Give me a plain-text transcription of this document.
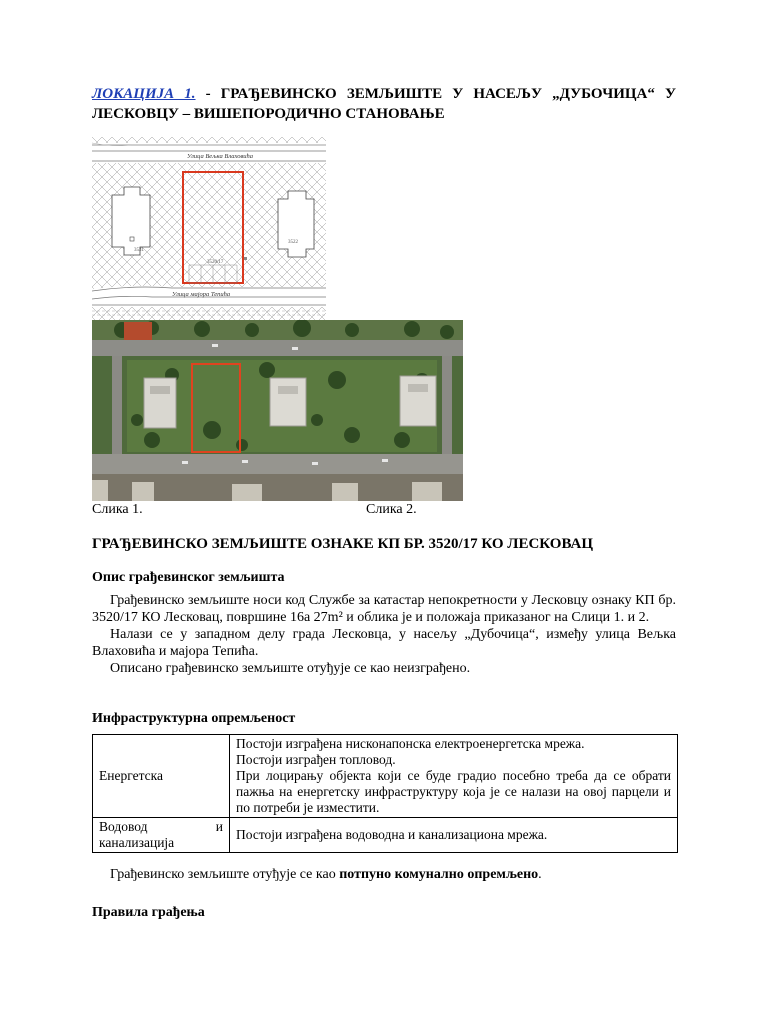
ЛОКАЦИЈА 1. - ГРАЂЕВИНСКО ЗЕМЉИШТЕ У НАСЕЉУ „ДУБОЧИЦА“ У ЛЕСКОВЦУ – ВИШЕПОРОДИЧНО СТАНОВАЊЕ
Улица Вељка Влаховића
Улица мајора Тепића
3531
3522
3520/17
Слика 1.	Слика 2.
ГРАЂЕВИНСКО ЗЕМЉИШТЕ ОЗНАКЕ КП БР. 3520/17 КО ЛЕСКОВАЦ
Опис грађевинског земљишта

Грађевинско земљиште носи код Службе за катастар непокретности у Лесковцу ознаку КП бр. 3520/17 КО Лесковац, површине 16а 27m² и облика је и положаја приказаног на Слици 1. и 2.

Налази се у западном делу града Лесковца, у насељу „Дубочица“, између улица Вељка Влаховића и мајора Тепића.

Описано грађевинско земљиште отуђује се као неизграђено.

Инфраструктурна опремљеност
Енергетска	Постоји изграђена нисконапонска електроенергетска мрежа.
Постоји изграђен топловод.
При лоцирању објекта који се буде градио посебно треба да се обрати пажња на енергетску инфраструктуру која је се налази на овој парцели и по потреби је изместити.

Водовод и
канализација	Постоји изграђена водоводна и канализациона мрежа.

Грађевинско земљиште отуђује се као потпуно комунално опремљено.

Правила грађења
